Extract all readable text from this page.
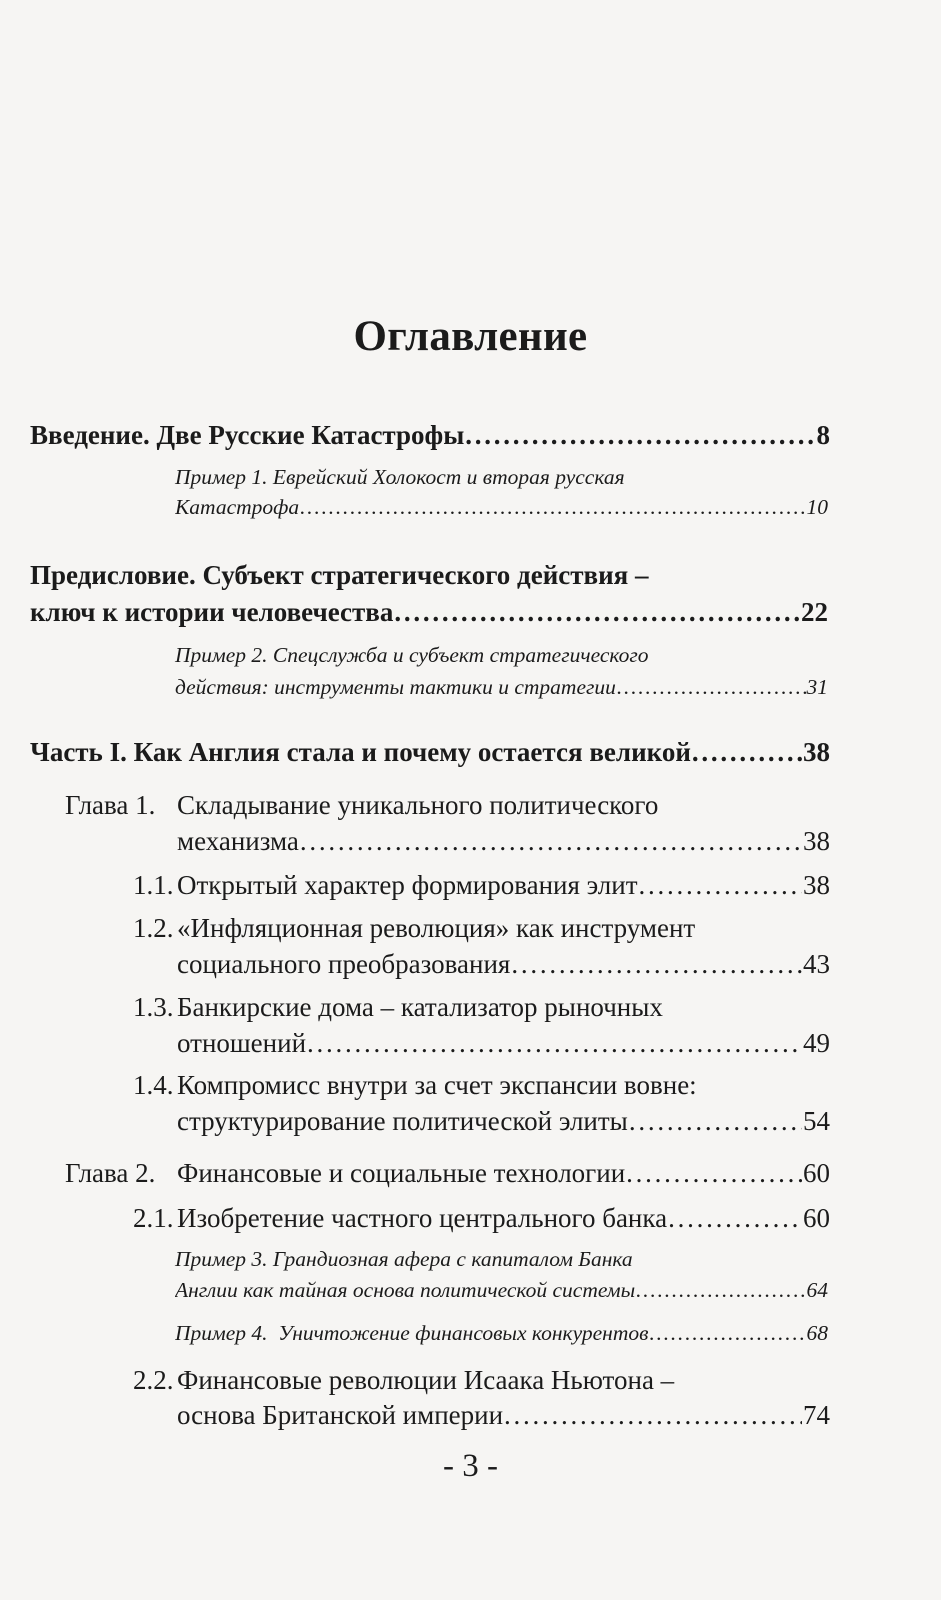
Оглавление
Введение. Две Русские Катастрофы . . .	8
Пример 1. Еврейский Холокост и вторая русская
Катастрофа . . .	10
Предисловие. Субъект стратегического действия –
ключ к истории человечества . . .	22
Пример 2. Спецслужба и субъект стратегического
действия: инструменты тактики и стратегии . . .	31
Часть I. Как Англия стала и почему остается великой . . .	38
Глава 1. Складывание уникального политического
механизма . . .	38
1.1. Открытый характер формирования элит . . .	38
1.2. «Инфляционная революция» как инструмент
социального преобразования . . .	43
1.3. Банкирские дома – катализатор рыночных
отношений . . .	49
1.4. Компромисс внутри за счет экспансии вовне:
структурирование политической элиты . . .	54
Глава 2. Финансовые и социальные технологии . . .	60
2.1. Изобретение частного центрального банка . . .	60
Пример 3. Грандиозная афера с капиталом Банка
Англии как тайная основа политической системы . . .	64
Пример 4.  Уничтожение финансовых конкурентов . . .	68
2.2. Финансовые революции Исаака Ньютона –
основа Британской империи . . .	74
- 3 -
